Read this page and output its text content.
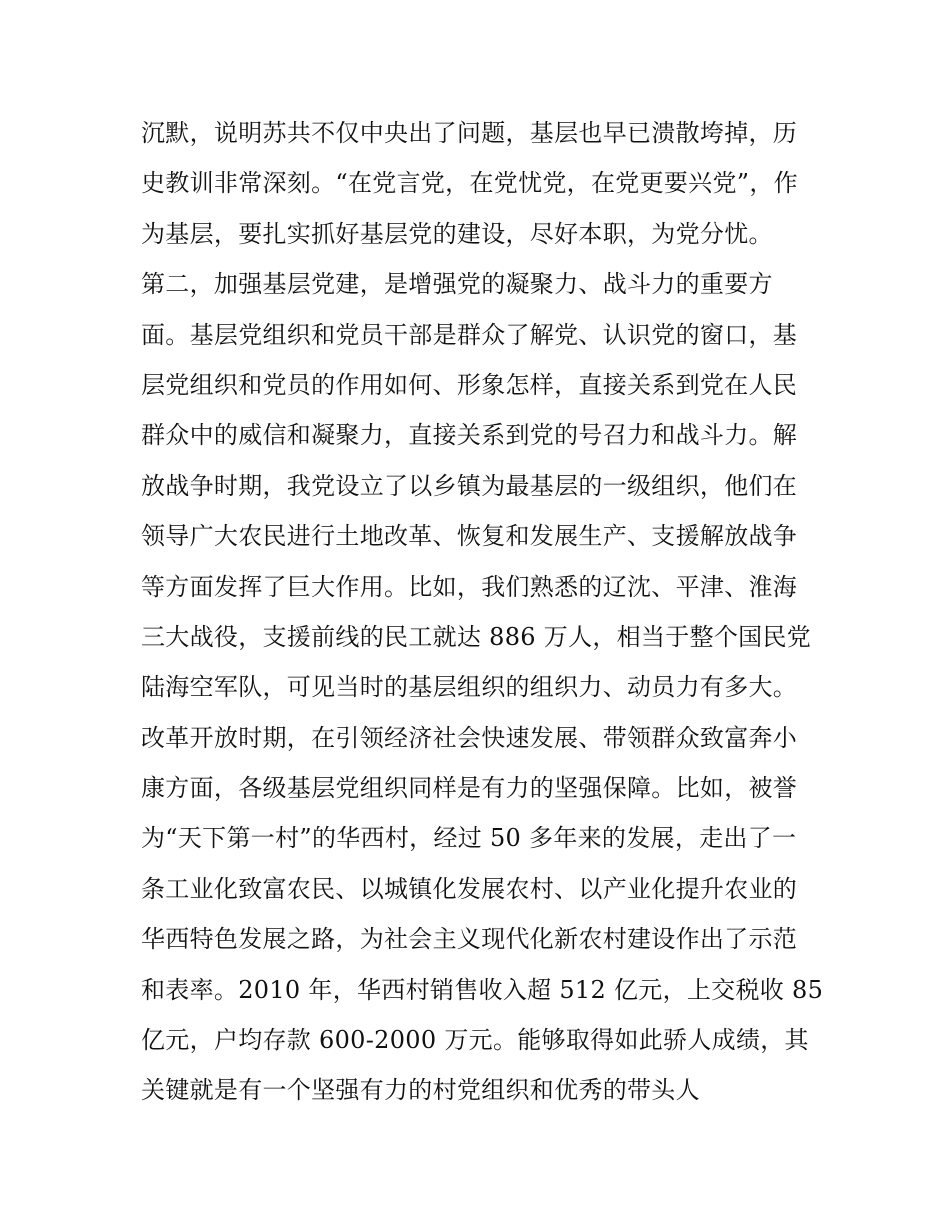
沉默，说明苏共不仅中央出了问题，基层也早已溃散垮掉，历
史教训非常深刻。“在党言党，在党忧党，在党更要兴党”，作
为基层，要扎实抓好基层党的建设，尽好本职，为党分忧。
第二，加强基层党建，是增强党的凝聚力、战斗力的重要方
面。基层党组织和党员干部是群众了解党、认识党的窗口，基
层党组织和党员的作用如何、形象怎样，直接关系到党在人民
群众中的威信和凝聚力，直接关系到党的号召力和战斗力。解
放战争时期，我党设立了以乡镇为最基层的一级组织，他们在
领导广大农民进行土地改革、恢复和发展生产、支援解放战争
等方面发挥了巨大作用。比如，我们熟悉的辽沈、平津、淮海
三大战役，支援前线的民工就达 886 万人，相当于整个国民党
陆海空军队，可见当时的基层组织的组织力、动员力有多大。
改革开放时期，在引领经济社会快速发展、带领群众致富奔小
康方面，各级基层党组织同样是有力的坚强保障。比如，被誉
为“天下第一村”的华西村，经过 50 多年来的发展，走出了一
条工业化致富农民、以城镇化发展农村、以产业化提升农业的
华西特色发展之路，为社会主义现代化新农村建设作出了示范
和表率。2010 年，华西村销售收入超 512 亿元，上交税收 85
亿元，户均存款 600-2000 万元。能够取得如此骄人成绩，其
关键就是有一个坚强有力的村党组织和优秀的带头人
